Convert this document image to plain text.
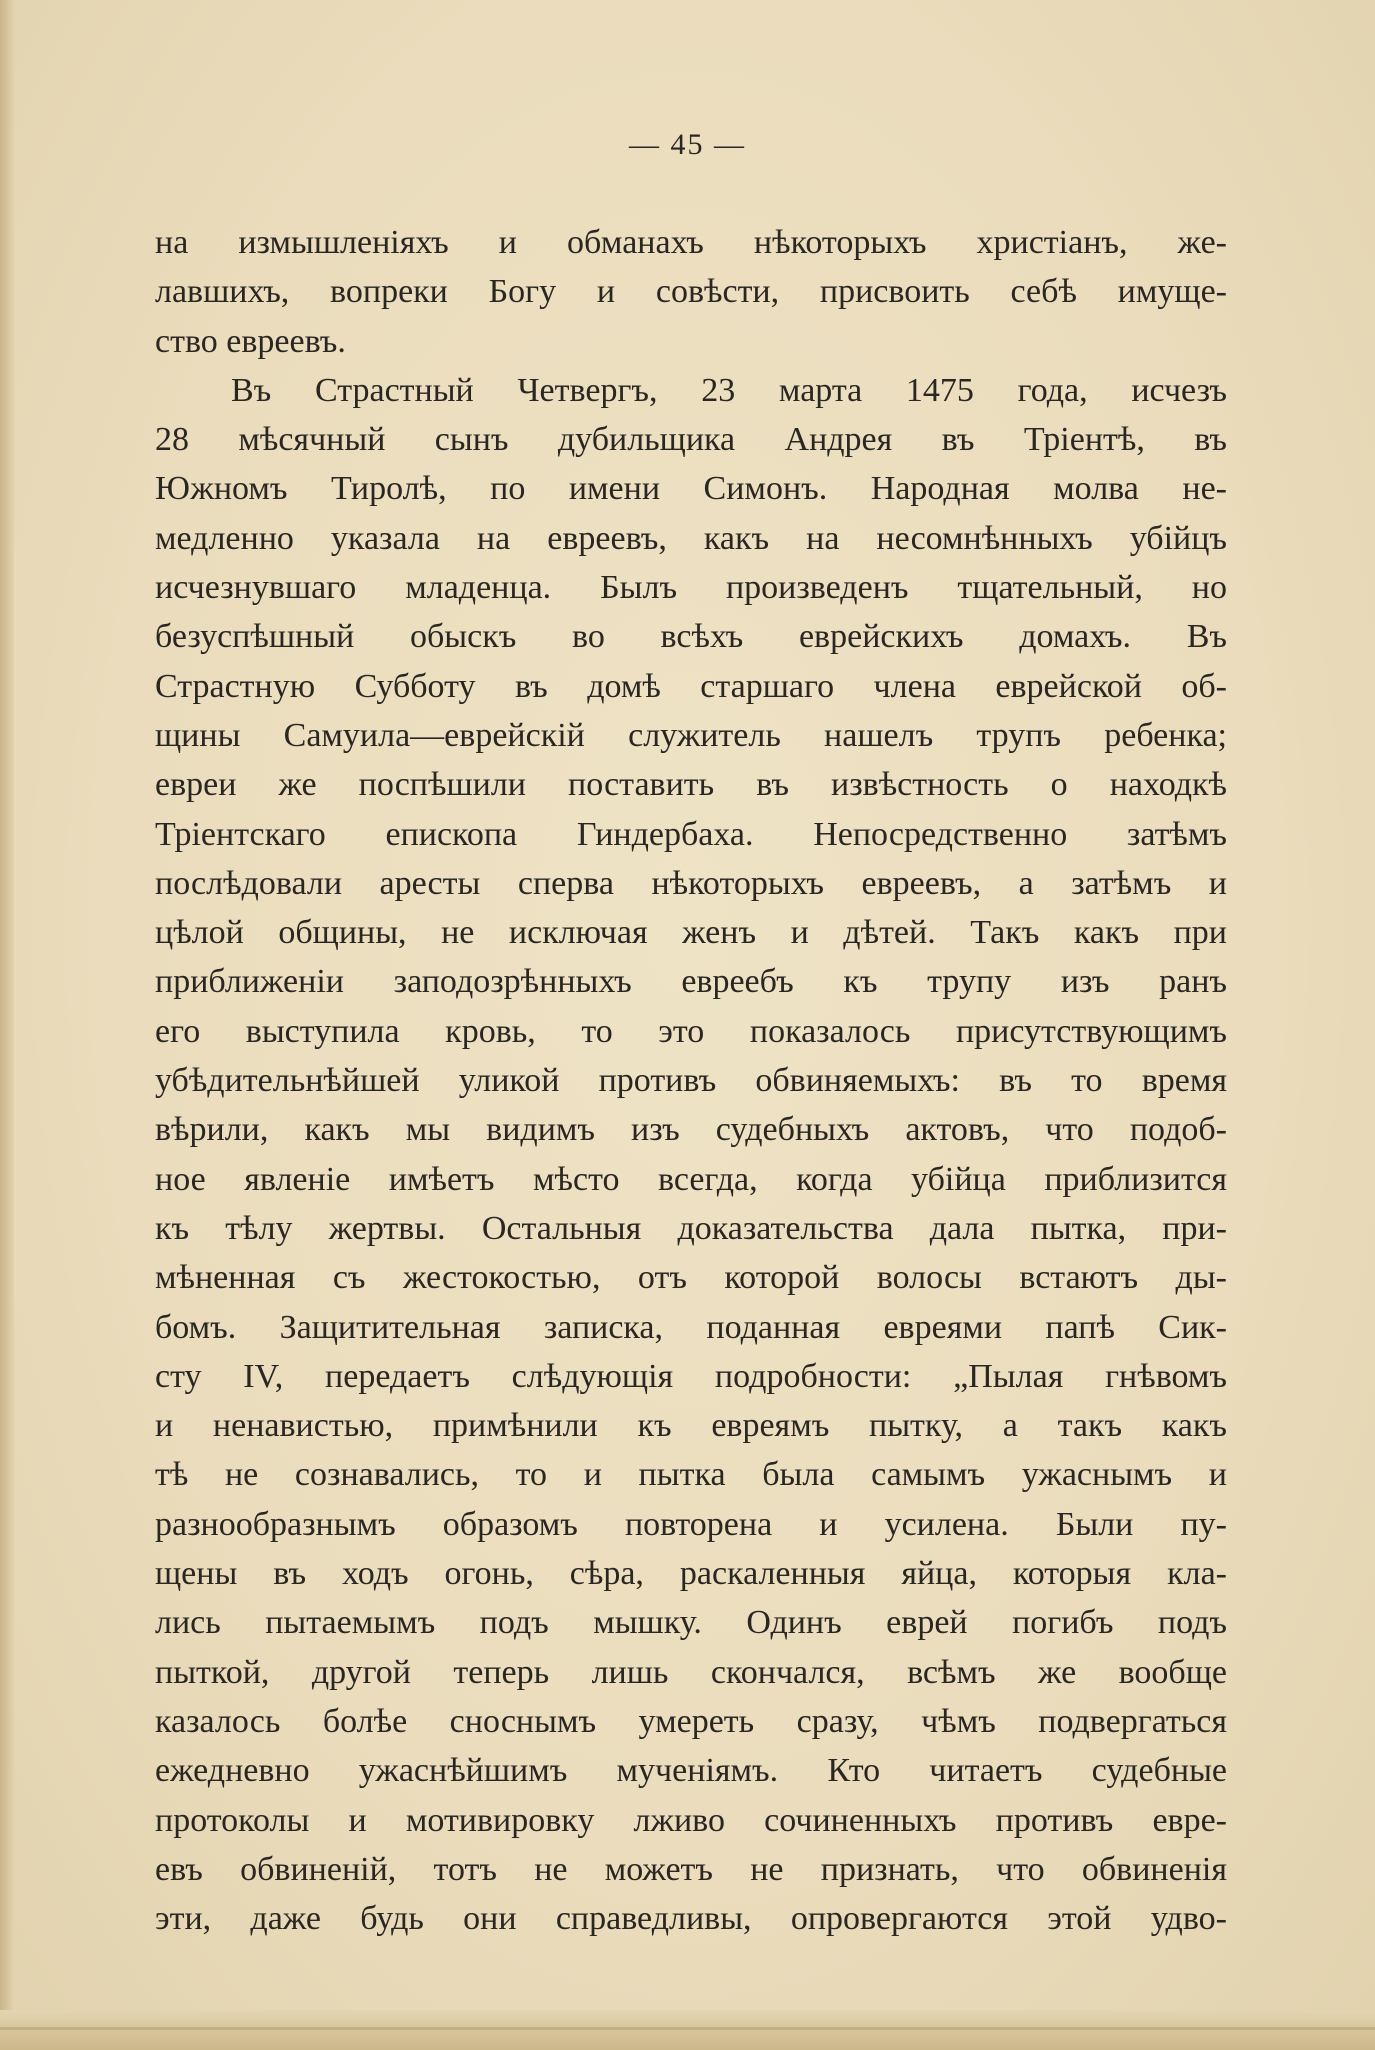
— 45 —
на измышленіяхъ и обманахъ нѣкоторыхъ христіанъ, же-
лавшихъ, вопреки Богу и совѣсти, присвоить себѣ имуще-
ство евреевъ.
Въ Страстный Четвергъ, 23 марта 1475 года, исчезъ
28 мѣсячный сынъ дубильщика Андрея въ Тріентѣ, въ
Южномъ Тиролѣ, по имени Симонъ. Народная молва не-
медленно указала на евреевъ, какъ на несомнѣнныхъ убійцъ
исчезнувшаго младенца. Былъ произведенъ тщательный, но
безуспѣшный обыскъ во всѣхъ еврейскихъ домахъ. Въ
Страстную Субботу въ домѣ старшаго члена еврейской об-
щины Самуила—еврейскій служитель нашелъ трупъ ребенка;
евреи же поспѣшили поставить въ извѣстность о находкѣ
Тріентскаго епископа Гиндербаха. Непосредственно затѣмъ
послѣдовали аресты сперва нѣкоторыхъ евреевъ, а затѣмъ и
цѣлой общины, не исключая женъ и дѣтей. Такъ какъ при
приближеніи заподозрѣнныхъ евреебъ къ трупу изъ ранъ
его выступила кровь, то это показалось присутствующимъ
убѣдительнѣйшей уликой противъ обвиняемыхъ: въ то время
вѣрили, какъ мы видимъ изъ судебныхъ актовъ, что подоб-
ное явленіе имѣетъ мѣсто всегда, когда убійца приблизится
къ тѣлу жертвы. Остальныя доказательства дала пытка, при-
мѣненная съ жестокостью, отъ которой волосы встаютъ ды-
бомъ. Защитительная записка, поданная евреями папѣ Сик-
сту IV, передаетъ слѣдующія подробности: „Пылая гнѣвомъ
и ненавистью, примѣнили къ евреямъ пытку, а такъ какъ
тѣ не сознавались, то и пытка была самымъ ужаснымъ и
разнообразнымъ образомъ повторена и усилена. Были пу-
щены въ ходъ огонь, сѣра, раскаленныя яйца, которыя кла-
лись пытаемымъ подъ мышку. Одинъ еврей погибъ подъ
пыткой, другой теперь лишь скончался, всѣмъ же вообще
казалось болѣе сноснымъ умереть сразу, чѣмъ подвергаться
ежедневно ужаснѣйшимъ мученіямъ. Кто читаетъ судебные
протоколы и мотивировку лживо сочиненныхъ противъ евре-
евъ обвиненій, тотъ не можетъ не признать, что обвиненія
эти, даже будь они справедливы, опровергаются этой удво-
